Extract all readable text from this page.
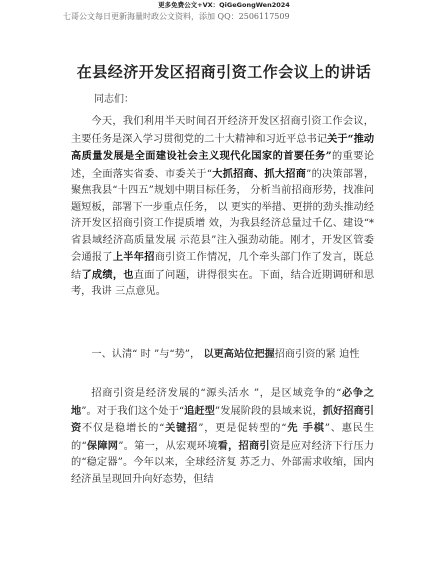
更多免费公文+VX：QiGeGongWen2024
七哥公文每日更新海量时政公文资料，添加 QQ：2506117509
在县经济开发区招商引资工作会议上的讲话
同志们：
今天，我们利用半天时间召开经济开发区招商引资工作会议，主要任务是深入学习贯彻党的二十大精神和习近平总书记关于“推动高质量发展是全面建设社会主义现代化国家的首要任务”的重要论述，全面落实省委、市委关于“大抓招商、抓大招商”的决策部署，聚焦我县“十四五”规划中期目标任务， 分析当前招商形势，找准问题短板，部署下一步重点任务， 以 更实的举措、更拼的劲头推动经济开发区招商引资工作提质增 效，为我县经济总量过千亿、建设“*省县域经济高质量发展 示范县”注入强劲动能。刚才，开发区管委会通报了上半年招商引资工作情况，几个牵头部门作了发言，既总结了成绩，也直面了问题，讲得很实在。下面，结合近期调研和思考，我讲 三点意见。
一、认清“ 时 ”与“势”， 以更高站位把握招商引资的紧 迫性
招商引资是经济发展的“源头活水 ”，是区域竞争的“必争之地”。对于我们这个处于“追赶型”发展阶段的县域来说，抓好招商引资不仅是稳增长的“关键招”，更是促转型的“先 手棋”、惠民生的“保障网”。第一，从宏观环境看，招商引资是应对经济下行压力的“稳定器”。今年以来，全球经济复 苏乏力、外部需求收缩，国内经济虽呈现回升向好态势，但结
